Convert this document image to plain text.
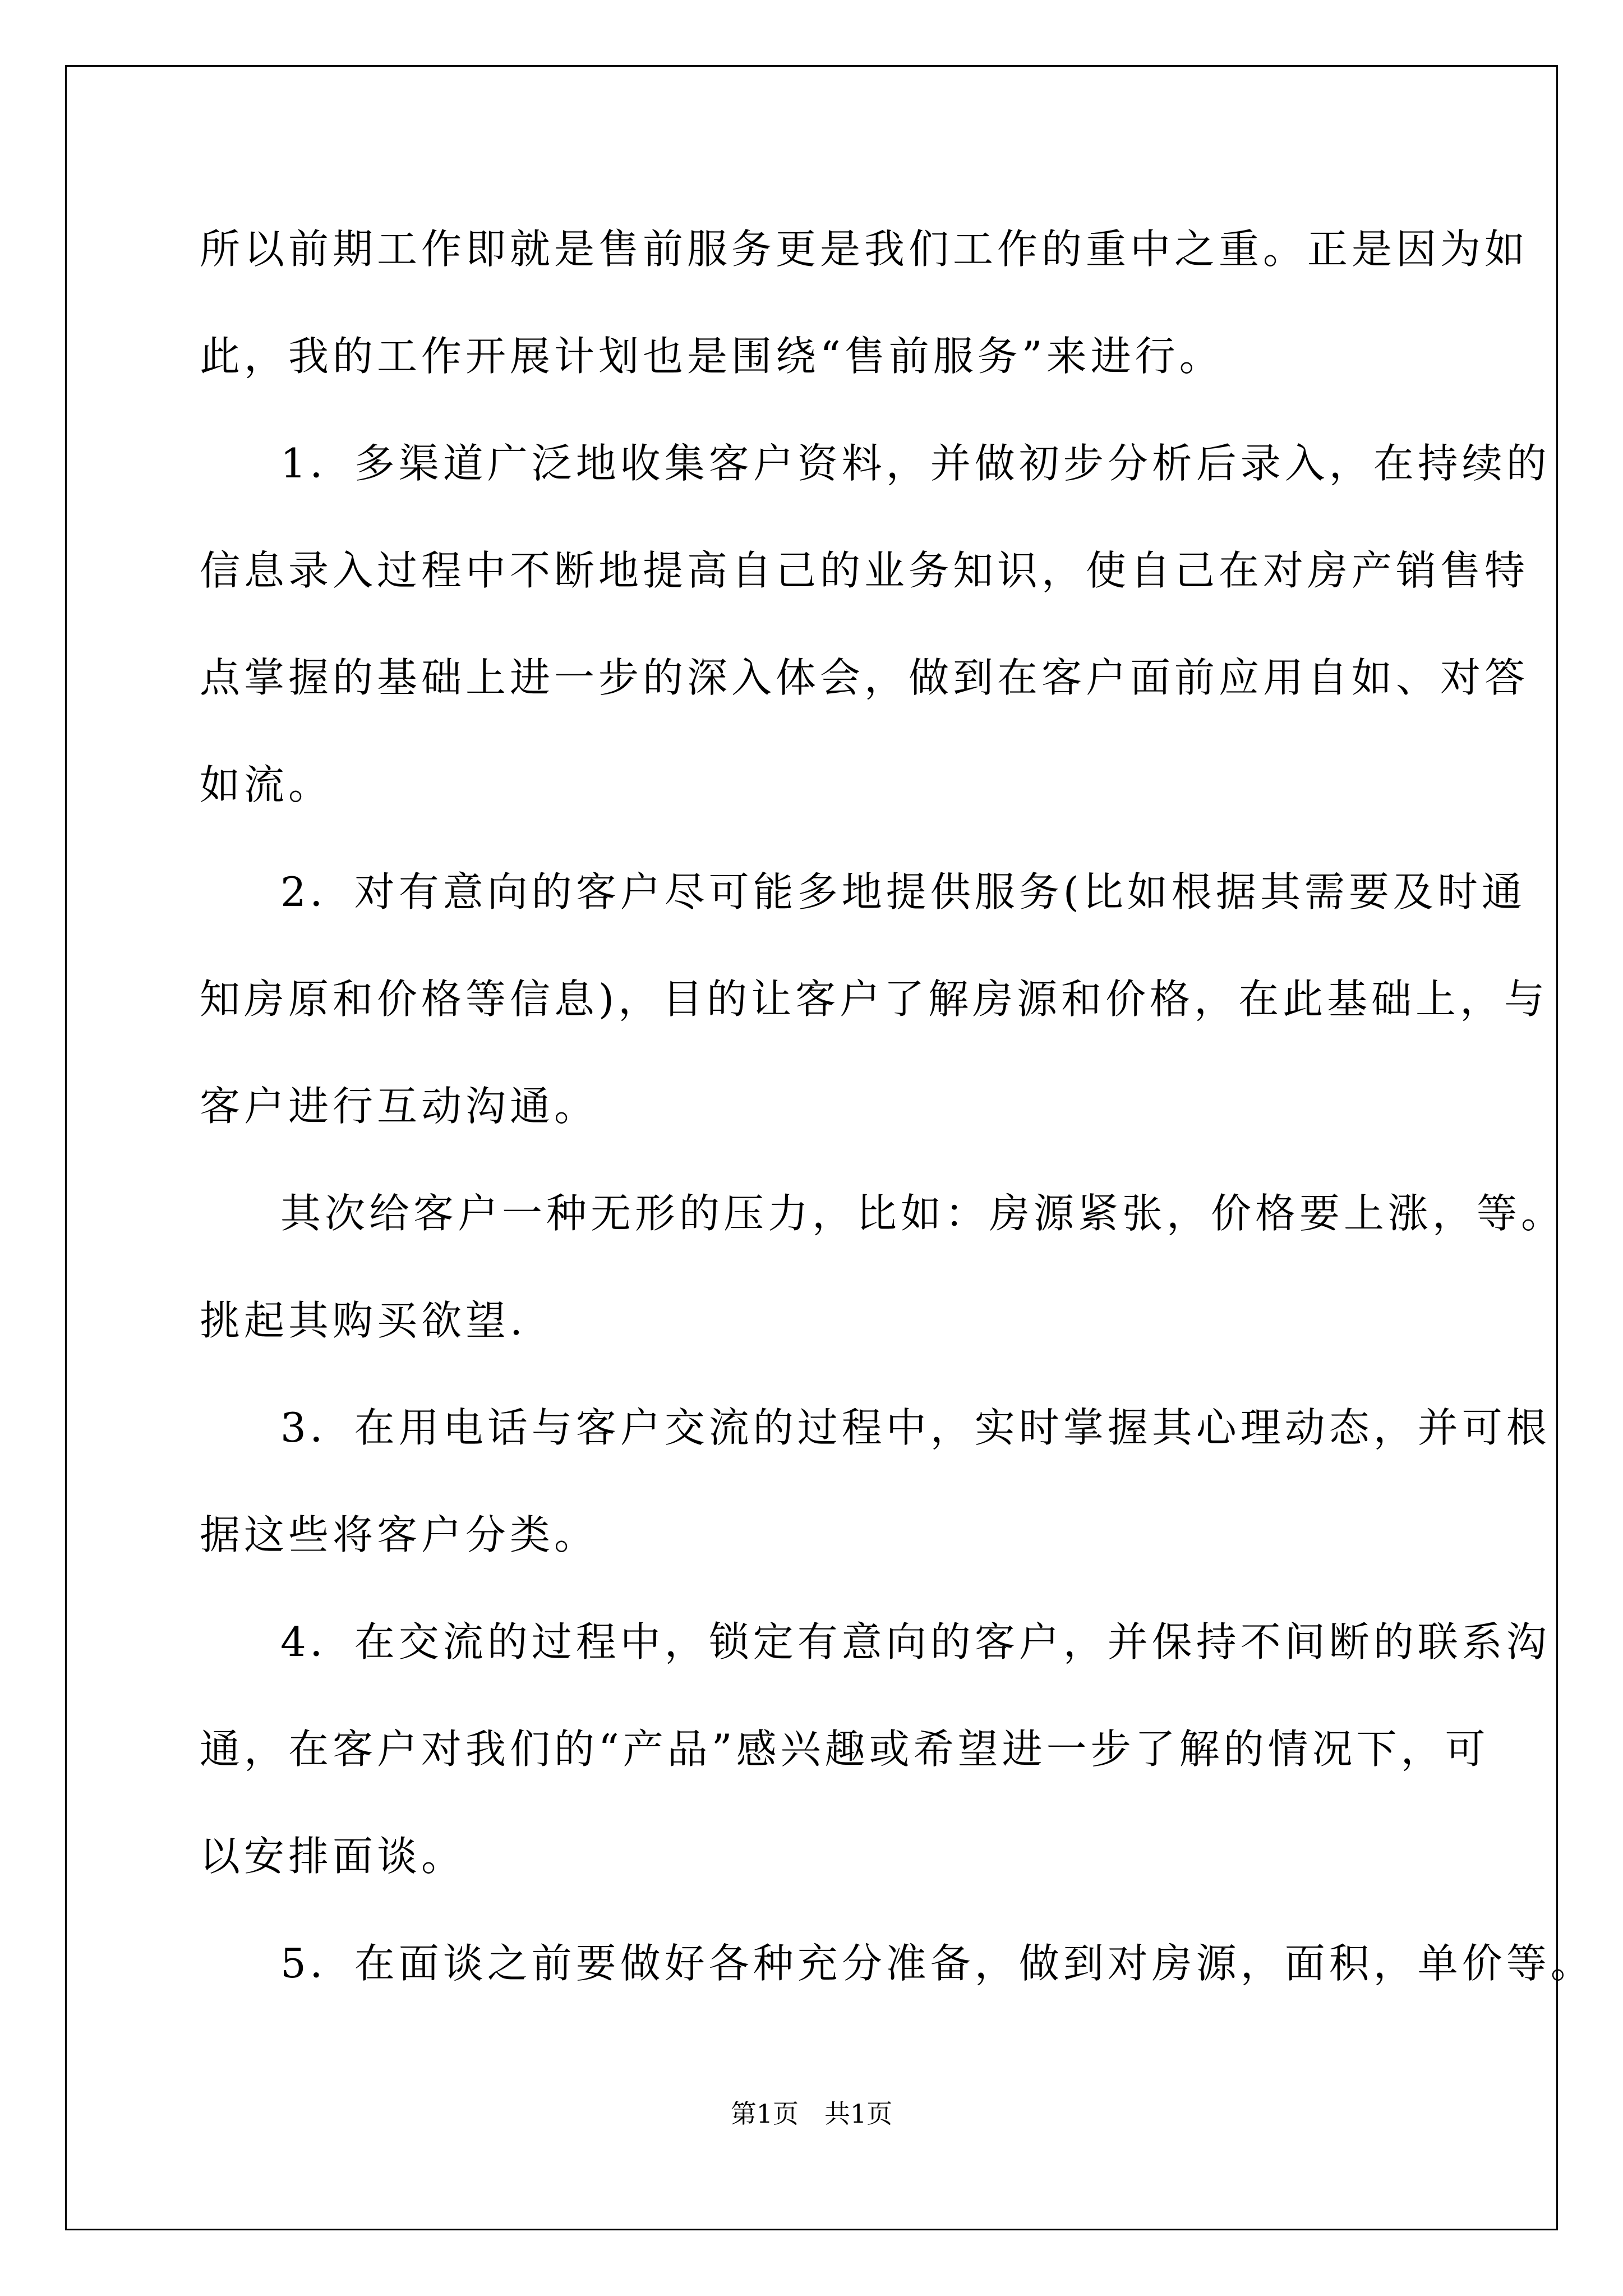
所以前期工作即就是售前服务更是我们工作的重中之重。正是因为如
此，我的工作开展计划也是围绕“售前服务”来进行。
1．多渠道广泛地收集客户资料，并做初步分析后录入，在持续的
信息录入过程中不断地提高自己的业务知识，使自己在对房产销售特
点掌握的基础上进一步的深入体会，做到在客户面前应用自如、对答
如流。
2．对有意向的客户尽可能多地提供服务(比如根据其需要及时通
知房原和价格等信息)，目的让客户了解房源和价格，在此基础上，与
客户进行互动沟通。
其次给客户一种无形的压力，比如：房源紧张，价格要上涨，等。
挑起其购买欲望.
3．在用电话与客户交流的过程中，实时掌握其心理动态，并可根
据这些将客户分类。
4．在交流的过程中，锁定有意向的客户，并保持不间断的联系沟
通，在客户对我们的“产品”感兴趣或希望进一步了解的情况下，可
以安排面谈。
5．在面谈之前要做好各种充分准备，做到对房源，面积，单价等。
第1页　共1页
